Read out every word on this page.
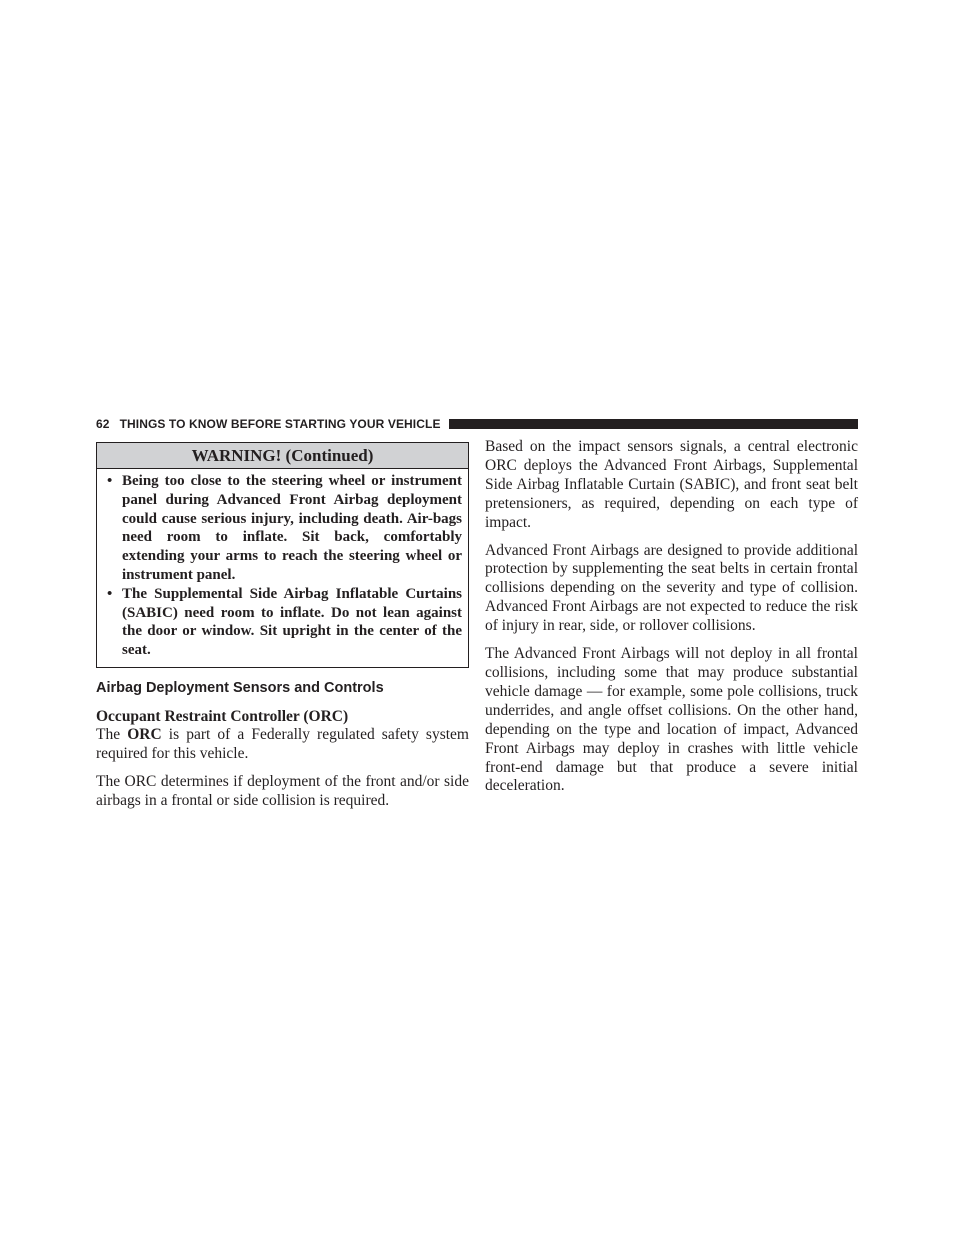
62 THINGS TO KNOW BEFORE STARTING YOUR VEHICLE
WARNING! (Continued)
• Being too close to the steering wheel or instrument panel during Advanced Front Airbag deployment could cause serious injury, including death. Air-bags need room to inflate. Sit back, comfortably extending your arms to reach the steering wheel or instrument panel.
• The Supplemental Side Airbag Inflatable Curtains (SABIC) need room to inflate. Do not lean against the door or window. Sit upright in the center of the seat.
Airbag Deployment Sensors and Controls
Occupant Restraint Controller (ORC)

The ORC is part of a Federally regulated safety system required for this vehicle.

The ORC determines if deployment of the front and/or side airbags in a frontal or side collision is required.

Based on the impact sensors signals, a central electronic ORC deploys the Advanced Front Airbags, Supplemental Side Airbag Inflatable Curtain (SABIC), and front seat belt pretensioners, as required, depending on each type of impact.

Advanced Front Airbags are designed to provide additional protection by supplementing the seat belts in certain frontal collisions depending on the severity and type of collision. Advanced Front Airbags are not expected to reduce the risk of injury in rear, side, or rollover collisions.

The Advanced Front Airbags will not deploy in all frontal collisions, including some that may produce substantial vehicle damage — for example, some pole collisions, truck underrides, and angle offset collisions. On the other hand, depending on the type and location of impact, Advanced Front Airbags may deploy in crashes with little vehicle front-end damage but that produce a severe initial deceleration.
